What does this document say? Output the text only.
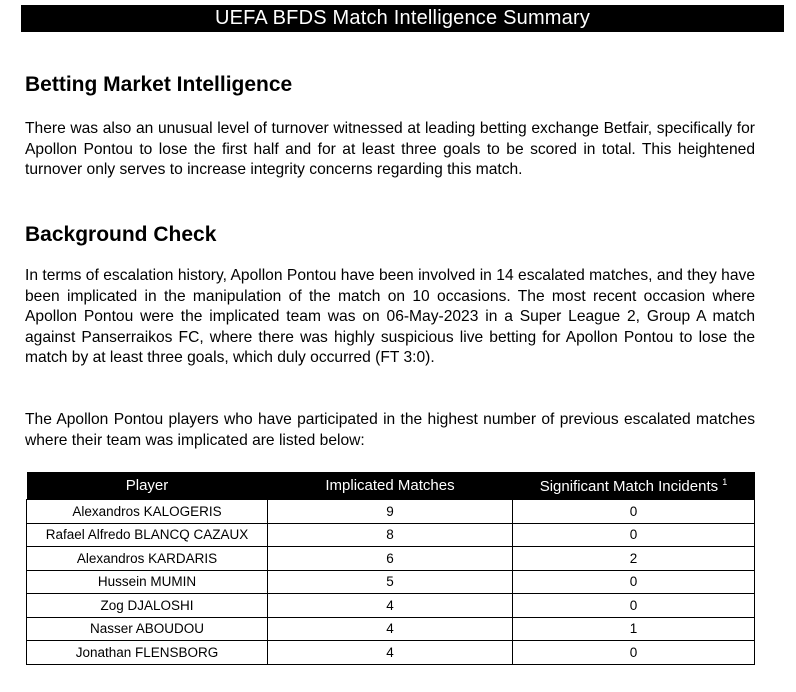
UEFA BFDS Match Intelligence Summary
Betting Market Intelligence

There was also an unusual level of turnover witnessed at leading betting exchange Betfair, specifically for Apollon Pontou to lose the first half and for at least three goals to be scored in total. This heightened turnover only serves to increase integrity concerns regarding this match.

Background Check

In terms of escalation history, Apollon Pontou have been involved in 14 escalated matches, and they have been implicated in the manipulation of the match on 10 occasions. The most recent occasion where Apollon Pontou were the implicated team was on 06-May-2023 in a Super League 2, Group A match against Panserraikos FC, where there was highly suspicious live betting for Apollon Pontou to lose the match by at least three goals, which duly occurred (FT 3:0).

The Apollon Pontou players who have participated in the highest number of previous escalated matches where their team was implicated are listed below:

Player	Implicated Matches	Significant Match Incidents $^1$
Alexandros KALOGERIS	9	0
Rafael Alfredo BLANCQ CAZAUX	8	0
Alexandros KARDARIS	6	2
Hussein MUMIN	5	0
Zog DJALOSHI	4	0
Nasser ABOUDOU	4	1
Jonathan FLENSBORG	4	0
